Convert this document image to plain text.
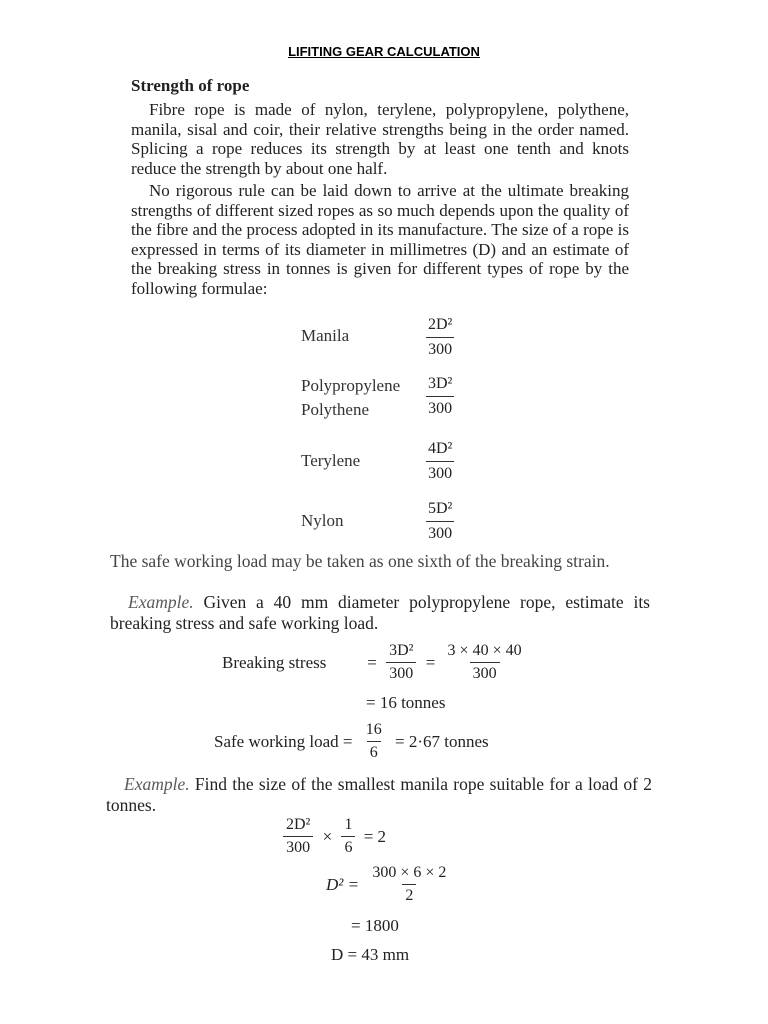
LIFITING GEAR CALCULATION
Strength of rope
Fibre rope is made of nylon, terylene, polypropylene, polythene, manila, sisal and coir, their relative strengths being in the order named. Splicing a rope reduces its strength by at least one tenth and knots reduce the strength by about one half.
No rigorous rule can be laid down to arrive at the ultimate breaking strengths of different sized ropes as so much depends upon the quality of the fibre and the process adopted in its manufacture. The size of a rope is expressed in terms of its diameter in millimetres (D) and an estimate of the breaking stress in tonnes is given for different types of rope by the following formulae:
Manila	$\frac{\text{2D²}}{300}$
Polypropylene
Polythene	$\frac{\text{3D²}}{300}$
Terylene	$\frac{\text{4D²}}{300}$
Nylon	$\frac{\text{5D²}}{300}$
The safe working load may be taken as one sixth of the breaking strain.
Example. Given a 40 mm diameter polypropylene rope, estimate its breaking stress and safe working load.
Breaking stress = $\frac{\text{3D²}}{300} = \frac{3 \times 40 \times 40}{300}$
= 16 tonnes
Safe working load = $\frac{16}{6} = 2\cdot 67$ tonnes
Example. Find the size of the smallest manila rope suitable for a load of 2 tonnes.
$\frac{\text{2D²}}{300} \times \frac{1}{6} = 2$
$D^2 = \frac{300 \times 6 \times 2}{2}$
= 1800
D = 43 mm
